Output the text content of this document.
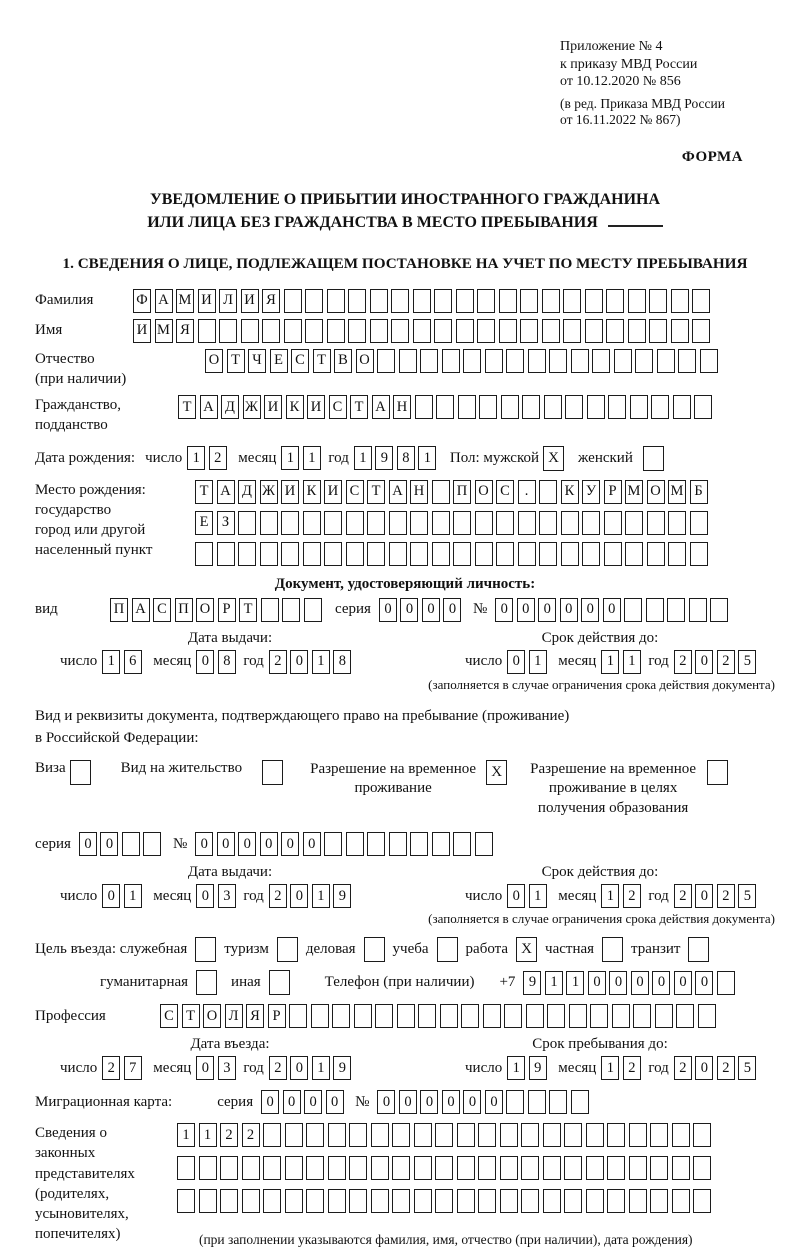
Приложение № 4
к приказу МВД России
от 10.12.2020 № 856
(в ред. Приказа МВД России
от 16.11.2022 № 867)
ФОРМА
УВЕДОМЛЕНИЕ О ПРИБЫТИИ ИНОСТРАННОГО ГРАЖДАНИНА
ИЛИ ЛИЦА БЕЗ ГРАЖДАНСТВА В МЕСТО ПРЕБЫВАНИЯ
1. СВЕДЕНИЯ О ЛИЦЕ, ПОДЛЕЖАЩЕМ ПОСТАНОВКЕ НА УЧЕТ ПО МЕСТУ ПРЕБЫВАНИЯ
Фамилия	Ф А М И Л И Я
Имя	И М Я
Отчество
(при наличии)
О Т Ч Е С Т В О
Гражданство,
подданство
Т А Д Ж И К И С Т А Н
Дата рождения: число 1 2	месяц 1 1 год 1 9 8 1	Пол: мужской X	женский
Место рождения:
государство
город или другой
населенный пункт
Т А Д Ж И К И С Т А Н П О С	.	К У Р М О М Б
Е З
Документ, удостоверяющий личность:
вид	П А С П О Р Т	серия 0 0 0 0	№ 0 0 0 0 0 0
Дата выдачи:	Срок действия до:
число 1 6	месяц 0 8 год 2 0 1 8	число 0 1	месяц 1 1 год 2 0 2 5
(заполняется в случае ограничения срока действия документа)
Вид и реквизиты документа, подтверждающего право на пребывание (проживание)
в Российской Федерации:
Виза	Вид на жительство	Разрешение на временное проживание
X	Разрешение на временное проживание в целях получения образования
серия 0 0	№ 0 0 0 0 0 0
Дата выдачи:	Срок действия до:
число 0 1	месяц 0 3 год 2 0 1 9	число 0 1	месяц 1 2 год 2 0 2 5
(заполняется в случае ограничения срока действия документа)
Цель въезда: служебная туризм деловая учеба работа X частная транзит
гуманитарная	иная	Телефон (при наличии) +7 9 1 1 0 0 0 0 0 0
Профессия	С Т О Л Я Р
Дата въезда:	Срок пребывания до:
число 2 7	месяц 0 3 год 2 0 1 9	число 1 9	месяц 1 2 год 2 0 2 5
Миграционная карта:	серия 0 0 0 0	№ 0 0 0 0 0 0
Сведения о
законных
представителях
(родителях,
усыновителях,
попечителях)
1 1 2 2
(при заполнении указываются фамилия, имя, отчество (при наличии), дата рождения)
